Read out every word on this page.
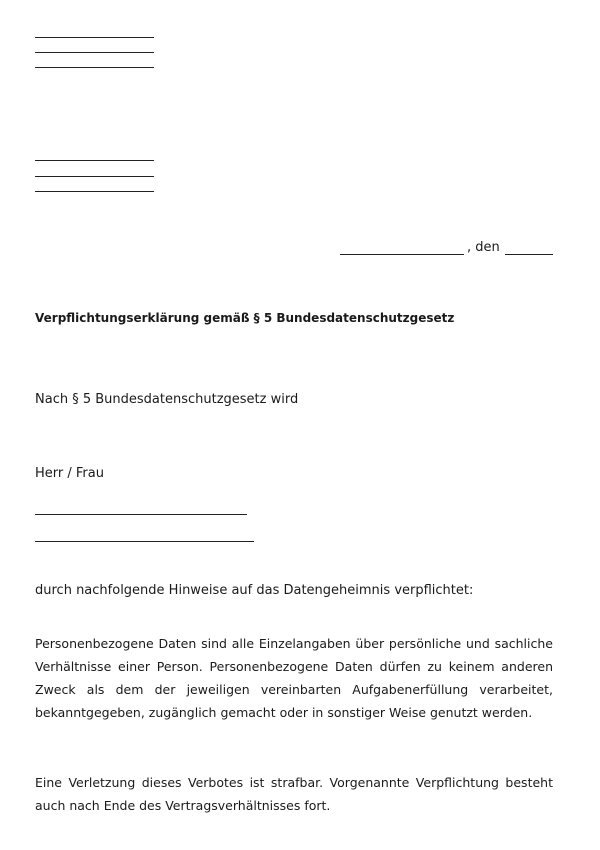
, den
Verpflichtungserklärung gemäß § 5 Bundesdatenschutzgesetz
Nach § 5 Bundesdatenschutzgesetz wird
Herr / Frau
durch nachfolgende Hinweise auf das Datengeheimnis verpflichtet:
Personenbezogene Daten sind alle Einzelangaben über persönliche und sachliche Verhältnisse einer Person. Personenbezogene Daten dürfen zu keinem anderen Zweck als dem der jeweiligen vereinbarten Aufgabenerfüllung verarbeitet, bekanntgegeben, zugänglich gemacht oder in sonstiger Weise genutzt werden.
Eine Verletzung dieses Verbotes ist strafbar. Vorgenannte Verpflichtung besteht auch nach Ende des Vertragsverhältnisses fort.
